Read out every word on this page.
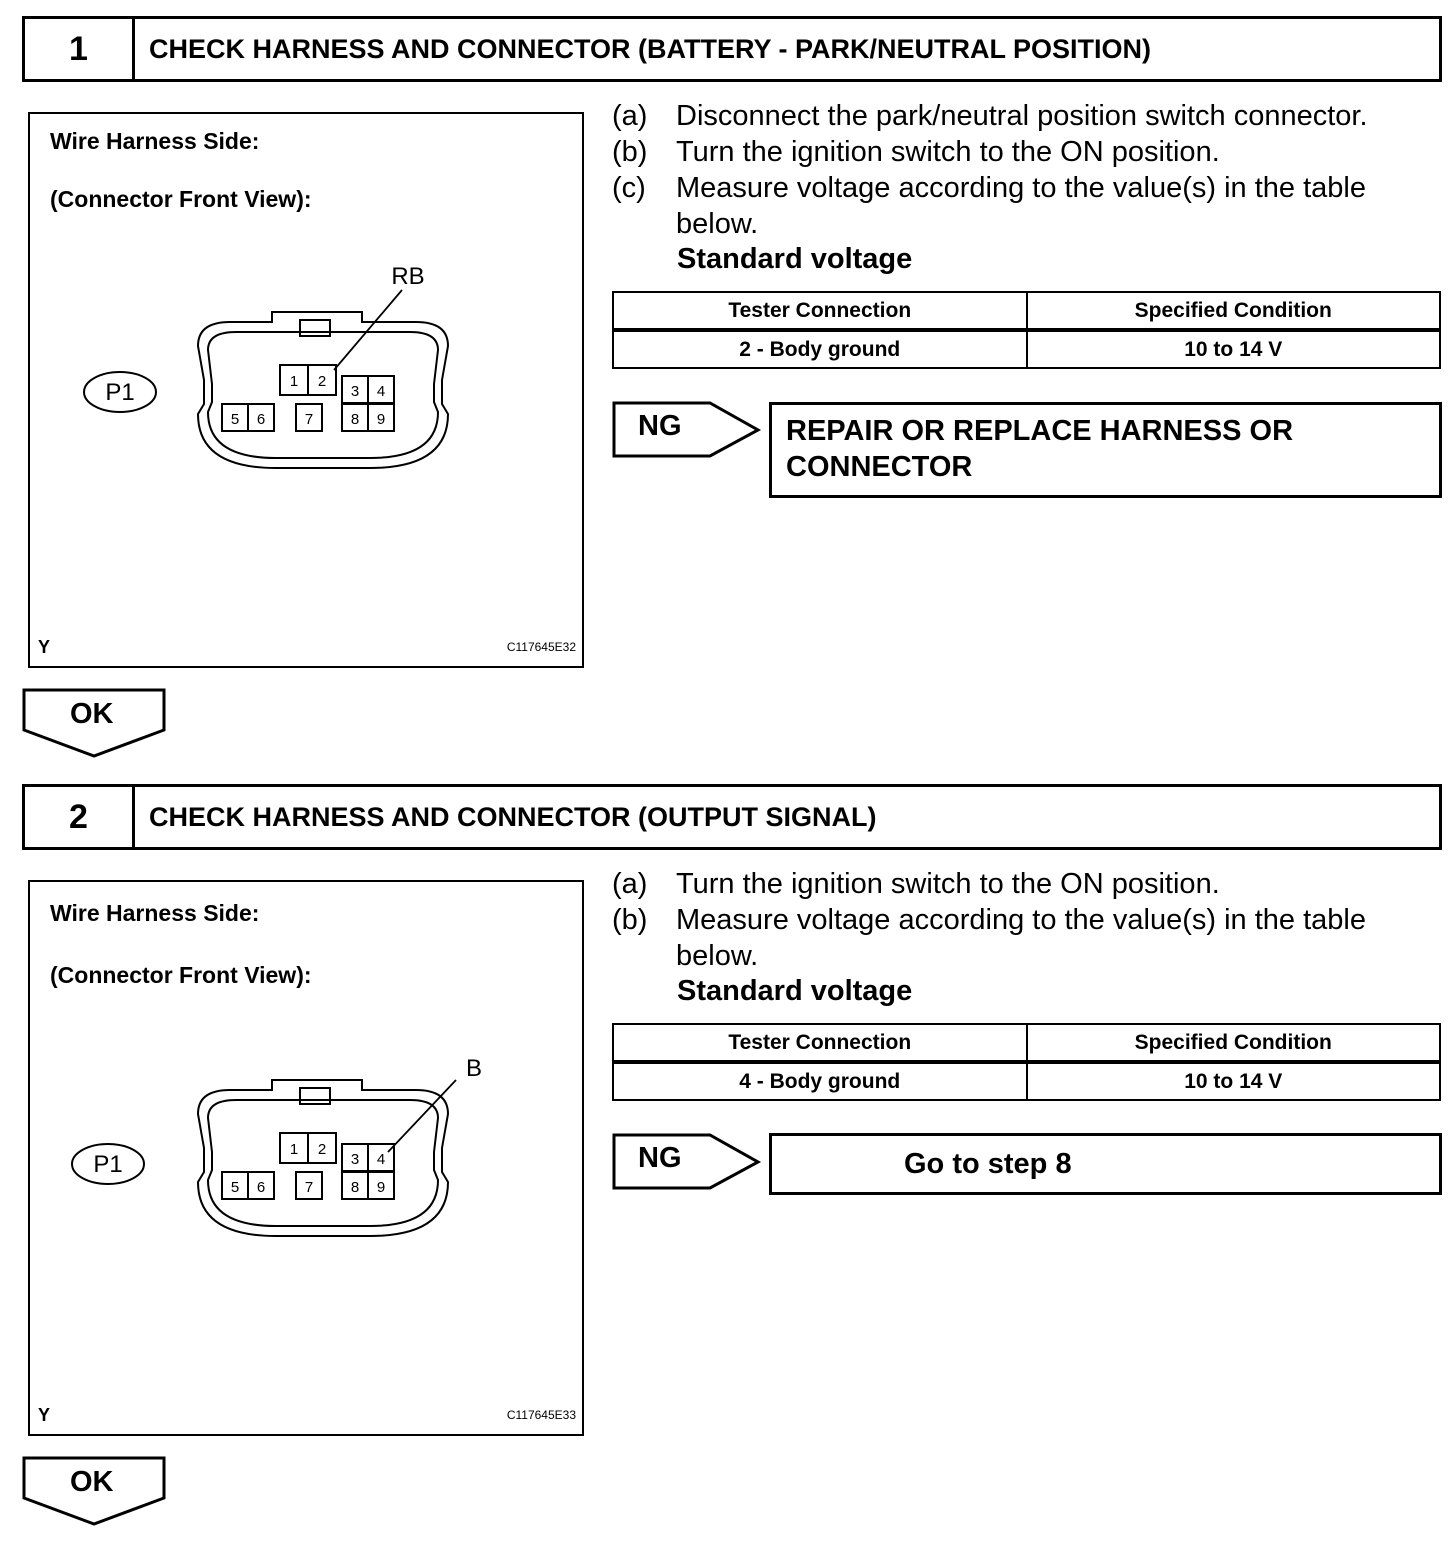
1	CHECK HARNESS AND CONNECTOR (BATTERY - PARK/NEUTRAL POSITION)
Wire Harness Side:
(Connector Front View):
1 2
3 4
5 6	7	8 9
P1
RB
Y	C117645E32
(a) Disconnect the park/neutral position switch connector.
(b) Turn the ignition switch to the ON position.
(c)	Measure voltage according to the value(s) in the table below.
Standard voltage
Tester Connection	Specified Condition
2 - Body ground	10 to 14 V
NG	REPAIR OR REPLACE HARNESS OR CONNECTOR
OK
2	CHECK HARNESS AND CONNECTOR (OUTPUT SIGNAL)
Wire Harness Side:
(Connector Front View):
1 2
3 4
5 6	7	8 9
P1
B
Y	C117645E33
(a) Turn the ignition switch to the ON position.
(b) Measure voltage according to the value(s) in the table below.
Standard voltage
Tester Connection	Specified Condition
4 - Body ground	10 to 14 V
NG	Go to step 8
OK
